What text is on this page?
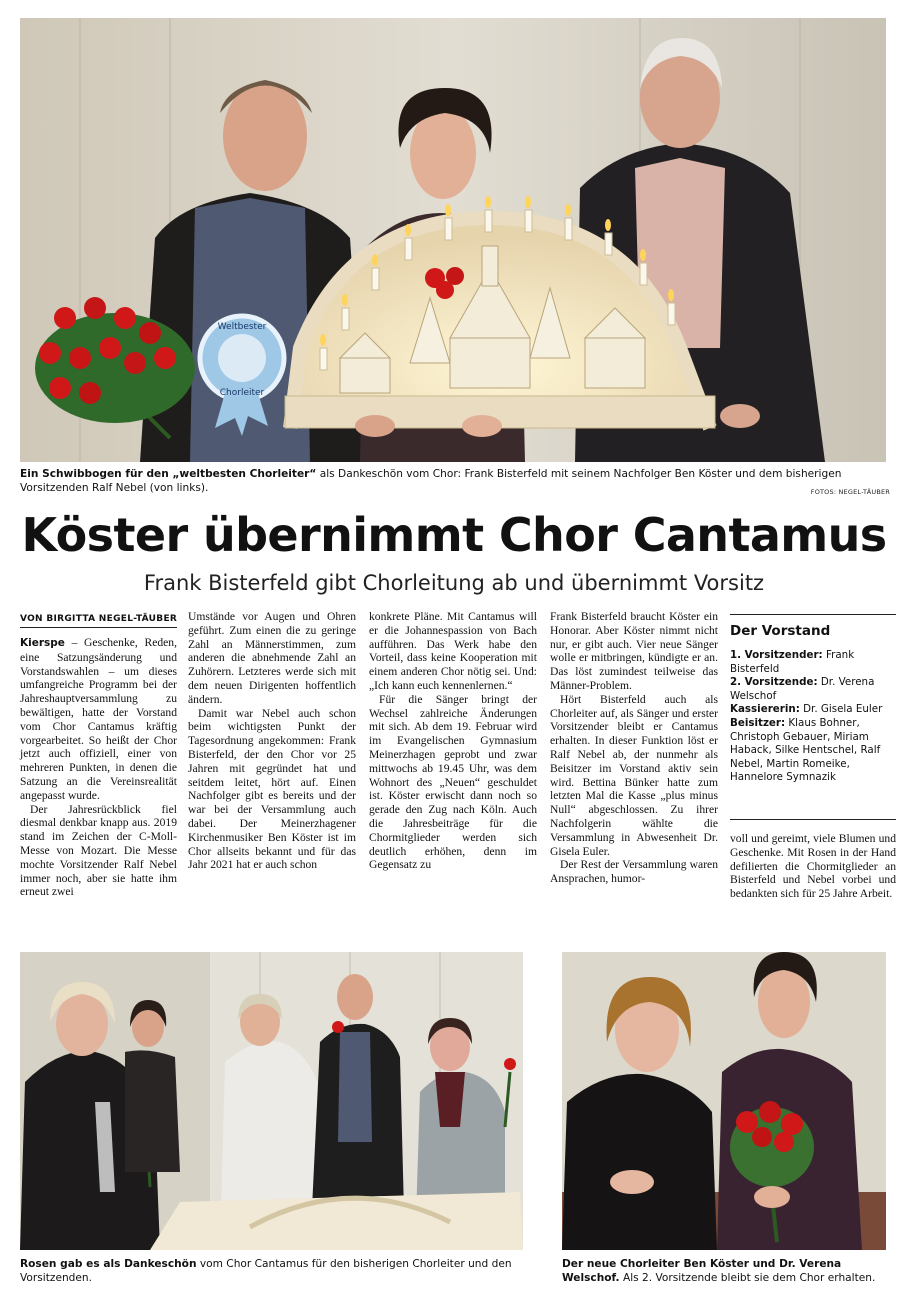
Weltbester
Chorleiter
Ein Schwibbogen für den „weltbesten Chorleiter“ als Dankeschön vom Chor: Frank Bisterfeld mit seinem Nachfolger Ben Köster und dem bisherigen Vorsitzenden Ralf Nebel (von links).	FOTOS: NEGEL-TÄUBER
Köster übernimmt Chor Cantamus
Frank Bisterfeld gibt Chorleitung ab und übernimmt Vorsitz
VON BIRGITTA NEGEL-TÄUBER

Kierspe – Geschenke, Reden, eine Satzungsänderung und Vorstandswahlen – um dieses umfangreiche Programm bei der Jahreshauptversammlung zu bewältigen, hatte der Vorstand vom Chor Cantamus kräftig vorgearbeitet. So heißt der Chor jetzt auch offiziell, einer von mehreren Punkten, in denen die Satzung an die Vereinsrealität angepasst wurde.

Der Jahresrückblick fiel diesmal denkbar knapp aus. 2019 stand im Zeichen der C-Moll-Messe von Mozart. Die Messe mochte Vorsitzender Ralf Nebel immer noch, aber sie hatte ihm erneut zwei

Umstände vor Augen und Ohren geführt. Zum einen die zu geringe Zahl an Männerstimmen, zum anderen die abnehmende Zahl an Zuhörern. Letzteres werde sich mit dem neuen Dirigenten hoffentlich ändern.

Damit war Nebel auch schon beim wichtigsten Punkt der Tagesordnung angekommen: Frank Bisterfeld, der den Chor vor 25 Jahren mit gegründet hat und seitdem leitet, hört auf. Einen Nachfolger gibt es bereits und der war bei der Versammlung auch dabei. Der Meinerzhagener Kirchenmusiker Ben Köster ist im Chor allseits bekannt und für das Jahr 2021 hat er auch schon

konkrete Pläne. Mit Cantamus will er die Johannespassion von Bach aufführen. Das Werk habe den Vorteil, dass keine Kooperation mit einem anderen Chor nötig sei. Und: „Ich kann euch kennenlernen.“

Für die Sänger bringt der Wechsel zahlreiche Änderungen mit sich. Ab dem 19. Februar wird im Evangelischen Gymnasium Meinerzhagen geprobt und zwar mittwochs ab 19.45 Uhr, was dem Wohnort des „Neuen“ geschuldet ist. Köster erwischt dann noch so gerade den Zug nach Köln. Auch die Jahresbeiträge für die Chormitglieder werden sich deutlich erhöhen, denn im Gegensatz zu

Frank Bisterfeld braucht Köster ein Honorar. Aber Köster nimmt nicht nur, er gibt auch. Vier neue Sänger wolle er mitbringen, kündigte er an. Das löst zumindest teilweise das Männer-Problem.

Hört Bisterfeld auch als Chorleiter auf, als Sänger und erster Vorsitzender bleibt er Cantamus erhalten. In dieser Funktion löst er Ralf Nebel ab, der nunmehr als Beisitzer im Vorstand aktiv sein wird. Bettina Bünker hatte zum letzten Mal die Kasse „plus minus Null“ abgeschlossen. Zu ihrer Nachfolgerin wählte die Versammlung in Abwesenheit Dr. Gisela Euler.

Der Rest der Versammlung waren Ansprachen, humor-

Der Vorstand
1. Vorsitzender: Frank Bisterfeld
2. Vorsitzende: Dr. Verena Welschof
Kassiererin: Dr. Gisela Euler
Beisitzer: Klaus Bohner, Christoph Gebauer, Miriam Haback, Silke Hentschel, Ralf Nebel, Martin Romeike, Hannelore Symnazik

voll und gereimt, viele Blumen und Geschenke. Mit Rosen in der Hand defilierten die Chormitglieder an Bisterfeld und Nebel vorbei und bedankten sich für 25 Jahre Arbeit.

Rosen gab es als Dankeschön vom Chor Cantamus für den bisherigen Chorleiter und den Vorsitzenden.
Der neue Chorleiter Ben Köster und Dr. Verena Welschof. Als 2. Vorsitzende bleibt sie dem Chor erhalten.
